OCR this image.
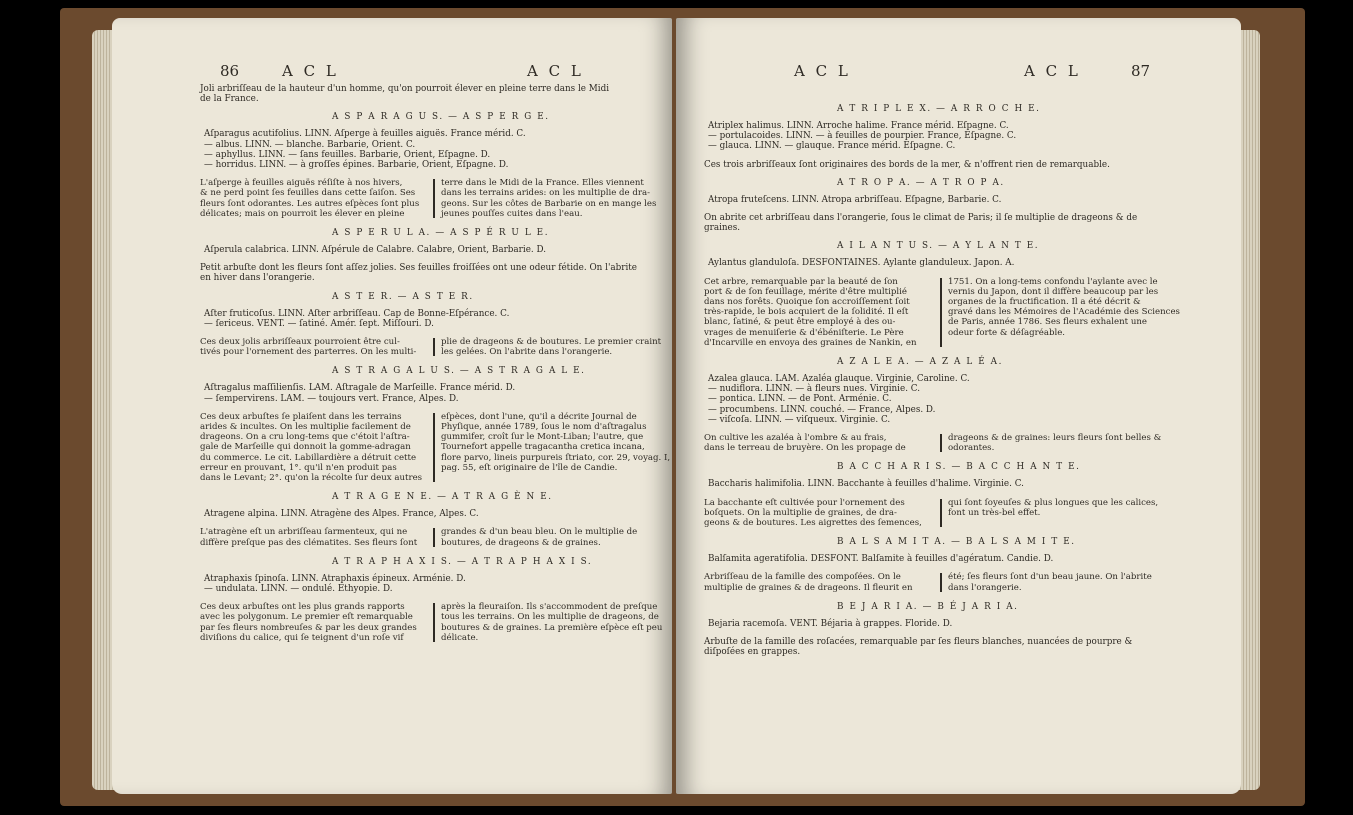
86	A C L	A C L
Joli arbriſſeau de la hauteur d'un homme, qu'on pourroit élever en pleine terre dans le Midi
de la France.
A S P A R A G U S. — A S P E R G E.
Aſparagus acutifolius. LINN. Aſperge à feuilles aiguës. France mérid. C.
— albus. LINN. — blanche. Barbarie, Orient. C.
— aphyllus. LINN. — ſans feuilles. Barbarie, Orient, Eſpagne. D.
— horridus. LINN. — à groſſes épines. Barbarie, Orient, Eſpagne. D.
L'aſperge à feuilles aiguës réſiſte à nos hivers,
& ne perd point ſes feuilles dans cette ſaiſon. Ses
fleurs ſont odorantes. Les autres eſpèces ſont plus
délicates; mais on pourroit les élever en pleine
terre dans le Midi de la France. Elles viennent
dans les terrains arides: on les multiplie de dra-
geons. Sur les côtes de Barbarie on en mange les
jeunes pouſſes cuites dans l'eau.
A S P E R U L A. — A S P É R U L E.
Aſperula calabrica. LINN. Aſpérule de Calabre. Calabre, Orient, Barbarie. D.
Petit arbuſte dont les fleurs ſont aſſez jolies. Ses feuilles froiſſées ont une odeur fétide. On l'abrite
en hiver dans l'orangerie.
A S T E R. — A S T E R.
Aſter fruticoſus. LINN. Aſter arbriſſeau. Cap de Bonne-Eſpérance. C.
— ſericeus. VENT. — ſatiné. Amér. ſept. Miſſouri. D.
Ces deux jolis arbriſſeaux pourroient être cul-
tivés pour l'ornement des parterres. On les multi-
plie de drageons & de boutures. Le premier craint
les gelées. On l'abrite dans l'orangerie.
A S T R A G A L U S. — A S T R A G A L E.
Aſtragalus maſſilienſis. LAM. Aſtragale de Marſeille. France mérid. D.
— ſempervirens. LAM. — toujours vert. France, Alpes. D.
Ces deux arbuſtes ſe plaiſent dans les terrains
arides & incultes. On les multiplie facilement de
drageons. On a cru long-tems que c'étoit l'aſtra-
gale de Marſeille qui donnoit la gomme-adragan
du commerce. Le cit. Labillardière a détruit cette
erreur en prouvant, 1°. qu'il n'en produit pas
dans le Levant; 2°. qu'on la récolte ſur deux autres
eſpèces, dont l'une, qu'il a décrite Journal de
Phyſique, année 1789, ſous le nom d'aſtragalus
gummifer, croît ſur le Mont-Liban; l'autre, que
Tournefort appelle tragacantha cretica incana,
flore parvo, lineis purpureis ſtriato, cor. 29, voyag. I,
pag. 55, eſt originaire de l'île de Candie.
A T R A G E N E. — A T R A G È N E.
Atragene alpina. LINN. Atragène des Alpes. France, Alpes. C.
L'atragène eſt un arbriſſeau ſarmenteux, qui ne
diffère preſque pas des clématites. Ses fleurs ſont
grandes & d'un beau bleu. On le multiplie de
boutures, de drageons & de graines.
A T R A P H A X I S. — A T R A P H A X I S.
Atraphaxis ſpinoſa. LINN. Atraphaxis épineux. Arménie. D.
— undulata. LINN. — ondulé. Ethyopie. D.
Ces deux arbuſtes ont les plus grands rapports
avec les polygonum. Le premier eſt remarquable
par ſes fleurs nombreuſes & par les deux grandes
diviſions du calice, qui ſe teignent d'un roſe vif
après la fleuraiſon. Ils s'accommodent de preſque
tous les terrains. On les multiplie de drageons, de
boutures & de graines. La première eſpèce eſt peu
délicate.
A C L	A C L	87
A T R I P L E X. — A R R O C H E.
Atriplex halimus. LINN. Arroche halime. France mérid. Eſpagne. C.
— portulacoides. LINN. — à feuilles de pourpier. France, Eſpagne. C.
— glauca. LINN. — glauque. France mérid. Eſpagne. C.
Ces trois arbriſſeaux ſont originaires des bords de la mer, & n'offrent rien de remarquable.
A T R O P A. — A T R O P A.
Atropa fruteſcens. LINN. Atropa arbriſſeau. Eſpagne, Barbarie. C.
On abrite cet arbriſſeau dans l'orangerie, ſous le climat de Paris; il ſe multiplie de drageons & de
graines.
A I L A N T U S. — A Y L A N T E.
Aylantus glanduloſa. DESFONTAINES. Aylante glanduleux. Japon. A.
Cet arbre, remarquable par la beauté de ſon
port & de ſon feuillage, mérite d'être multiplié
dans nos forêts. Quoique ſon accroiſſement ſoit
très-rapide, le bois acquiert de la ſolidité. Il eſt
blanc, ſatiné, & peut être employé à des ou-
vrages de menuiſerie & d'ébéniſterie. Le Père
d'Incarville en envoya des graines de Nankin, en
1751. On a long-tems confondu l'aylante avec le
vernis du Japon, dont il diffère beaucoup par les
organes de la fructification. Il a été décrit &
gravé dans les Mémoires de l'Académie des Sciences
de Paris, année 1786. Ses fleurs exhalent une
odeur forte & déſagréable.
A Z A L E A. — A Z A L É A.
Azalea glauca. LAM. Azaléa glauque. Virginie, Caroline. C.
— nudiflora. LINN. — à fleurs nues. Virginie. C.
— pontica. LINN. — de Pont. Arménie. C.
— procumbens. LINN. couché. — France, Alpes. D.
— viſcoſa. LINN. — viſqueux. Virginie. C.
On cultive les azaléa à l'ombre & au frais,
dans le terreau de bruyère. On les propage de
drageons & de graines: leurs fleurs ſont belles &
odorantes.
B A C C H A R I S. — B A C C H A N T E.
Baccharis halimifolia. LINN. Bacchante à feuilles d'halime. Virginie. C.
La bacchante eſt cultivée pour l'ornement des
boſquets. On la multiplie de graines, de dra-
geons & de boutures. Les aigrettes des ſemences,
qui ſont ſoyeuſes & plus longues que les calices,
font un très-bel effet.
B A L S A M I T A. — B A L S A M I T E.
Balſamita ageratifolia. DESFONT. Balſamite à feuilles d'agératum. Candie. D.
Arbriſſeau de la famille des compoſées. On le
multiplie de graines & de drageons. Il fleurit en
été; ſes fleurs ſont d'un beau jaune. On l'abrite
dans l'orangerie.
B E J A R I A. — B É J A R I A.
Bejaria racemoſa. VENT. Béjaria à grappes. Floride. D.
Arbuſte de la famille des roſacées, remarquable par ſes fleurs blanches, nuancées de pourpre &
diſpoſées en grappes.
